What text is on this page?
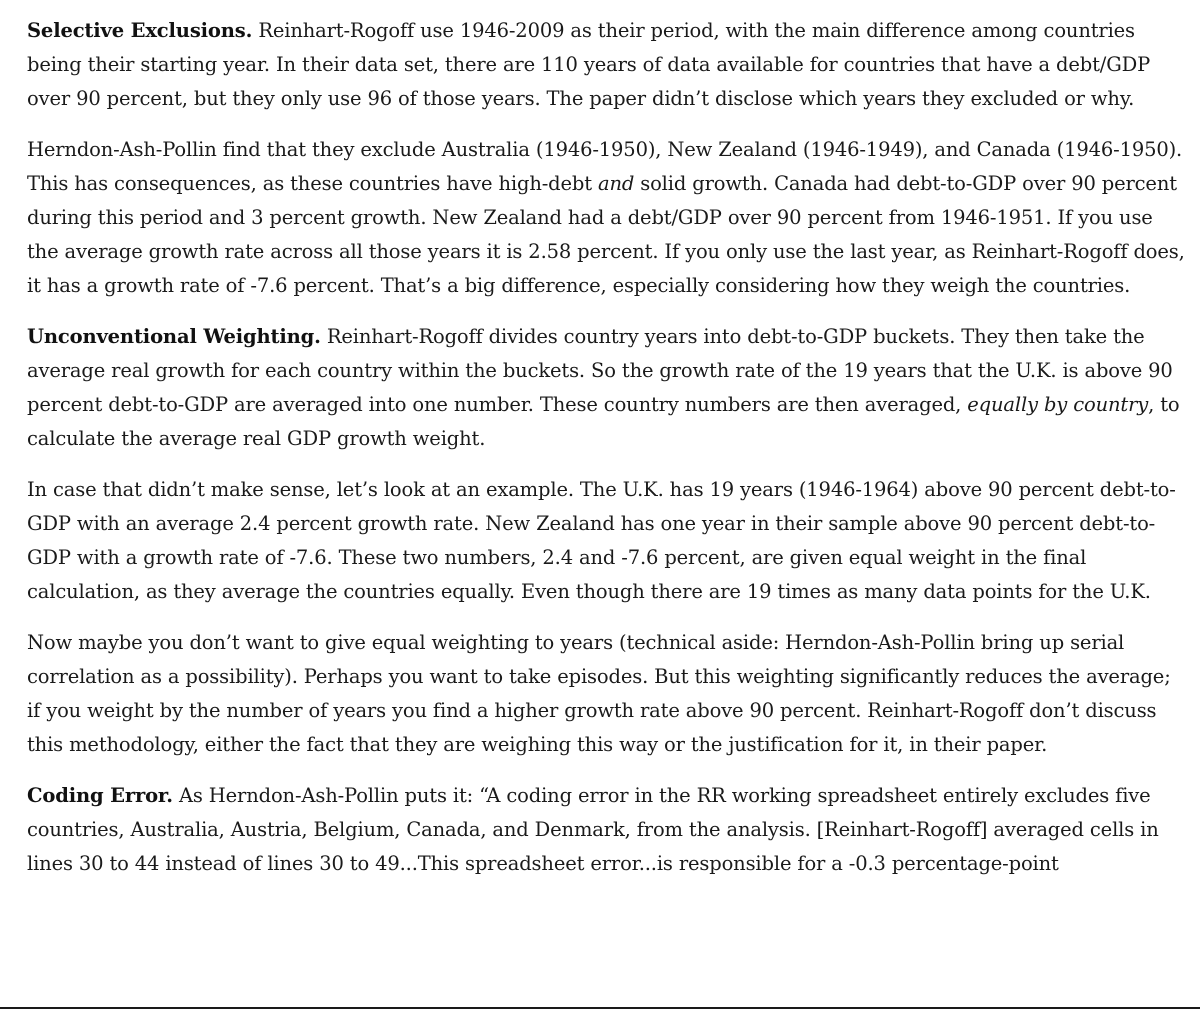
Selective Exclusions. Reinhart-Rogoff use 1946-2009 as their period, with the main difference among countries being their starting year. In their data set, there are 110 years of data available for countries that have a debt/GDP over 90 percent, but they only use 96 of those years. The paper didn’t disclose which years they excluded or why.

Herndon-Ash-Pollin find that they exclude Australia (1946-1950), New Zealand (1946-1949), and Canada (1946-1950). This has consequences, as these countries have high-debt and solid growth. Canada had debt-to-GDP over 90 percent during this period and 3 percent growth. New Zealand had a debt/GDP over 90 percent from 1946-1951. If you use the average growth rate across all those years it is 2.58 percent. If you only use the last year, as Reinhart-Rogoff does, it has a growth rate of -7.6 percent. That’s a big difference, especially considering how they weigh the countries.

Unconventional Weighting. Reinhart-Rogoff divides country years into debt-to-GDP buckets. They then take the average real growth for each country within the buckets. So the growth rate of the 19 years that the U.K. is above 90 percent debt-to-GDP are averaged into one number. These country numbers are then averaged, equally by country, to calculate the average real GDP growth weight.

In case that didn’t make sense, let’s look at an example. The U.K. has 19 years (1946-1964) above 90 percent debt-to-GDP with an average 2.4 percent growth rate. New Zealand has one year in their sample above 90 percent debt-to-GDP with a growth rate of -7.6. These two numbers, 2.4 and -7.6 percent, are given equal weight in the final calculation, as they average the countries equally. Even though there are 19 times as many data points for the U.K.

Now maybe you don’t want to give equal weighting to years (technical aside: Herndon-Ash-Pollin bring up serial correlation as a possibility). Perhaps you want to take episodes. But this weighting significantly reduces the average; if you weight by the number of years you find a higher growth rate above 90 percent. Reinhart-Rogoff don’t discuss this methodology, either the fact that they are weighing this way or the justification for it, in their paper.

Coding Error. As Herndon-Ash-Pollin puts it: “A coding error in the RR working spreadsheet entirely excludes five countries, Australia, Austria, Belgium, Canada, and Denmark, from the analysis. [Reinhart-Rogoff] averaged cells in lines 30 to 44 instead of lines 30 to 49...This spreadsheet error...is responsible for a -0.3 percentage-point
